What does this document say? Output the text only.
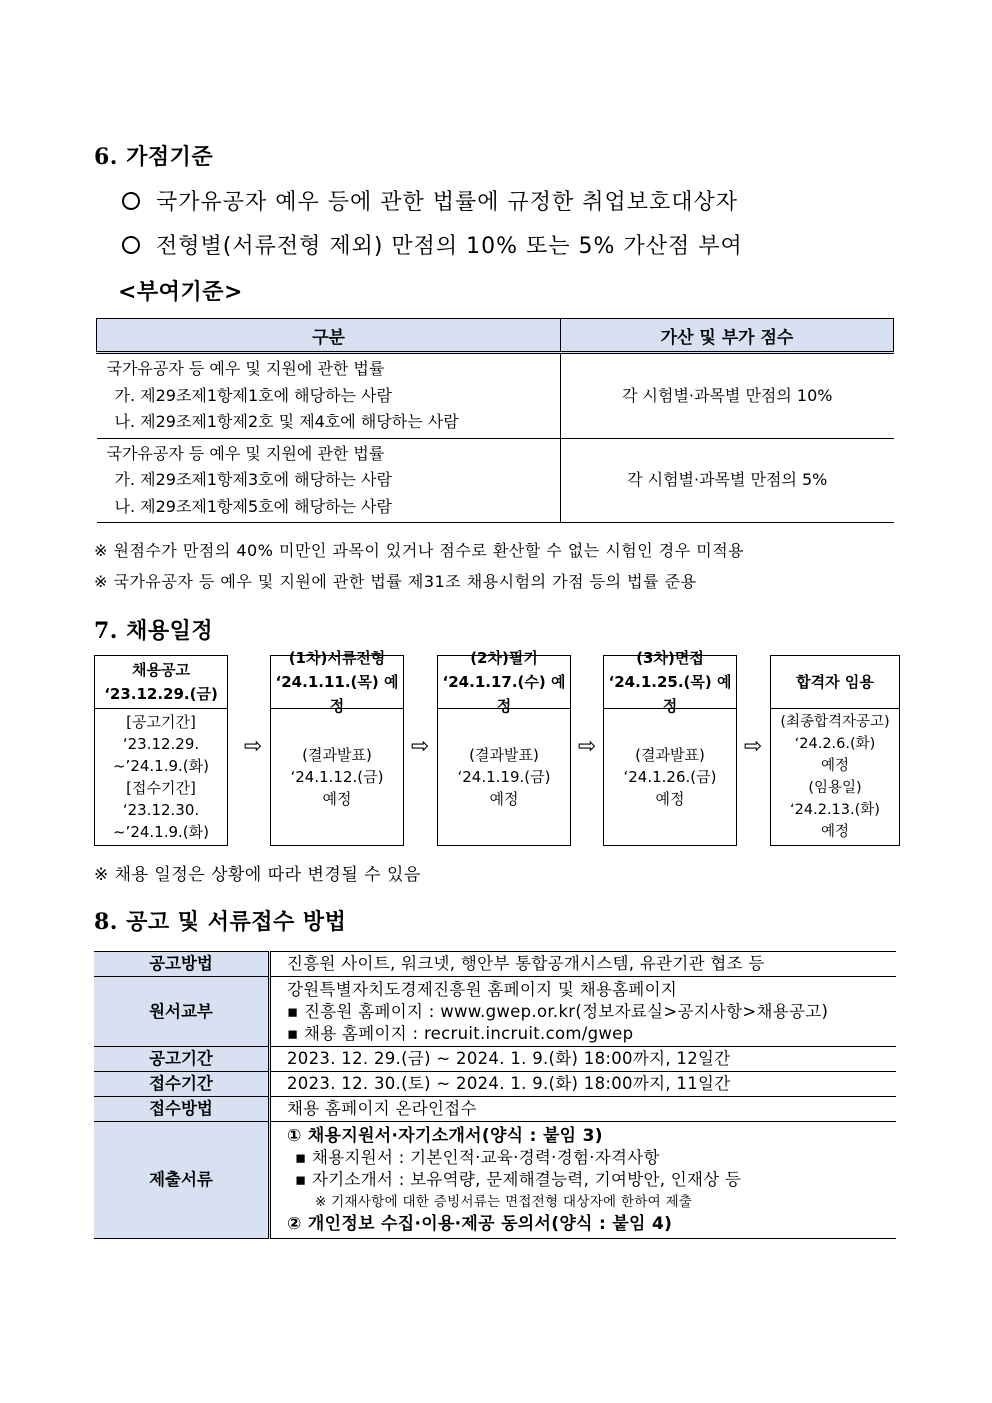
6. 가점기준
국가유공자 예우 등에 관한 법률에 규정한 취업보호대상자
전형별(서류전형 제외) 만점의 10% 또는 5% 가산점 부여
<부여기준>
구분	가산 및 부가 점수

국가유공자 등 예우 및 지원에 관한 법률
가. 제29조제1항제1호에 해당하는 사람
나. 제29조제1항제2호 및 제4호에 해당하는 사람	각 시험별·과목별 만점의 10%

국가유공자 등 예우 및 지원에 관한 법률
가. 제29조제1항제3호에 해당하는 사람
나. 제29조제1항제5호에 해당하는 사람	각 시험별·과목별 만점의 5%
※ 원점수가 만점의 40% 미만인 과목이 있거나 점수로 환산할 수 없는 시험인 경우 미적용
※ 국가유공자 등 예우 및 지원에 관한 법률 제31조 채용시험의 가점 등의 법률 준용
7. 채용일정
채용공고
‘23.12.29.(금)
[공고기간]
‘23.12.29.
~’24.1.9.(화)
[접수기간]
‘23.12.30.
~’24.1.9.(화)
⇨
(1차)서류전형
‘24.1.11.(목) 예정
(결과발표)
‘24.1.12.(금)
예정
⇨
(2차)필기
‘24.1.17.(수) 예정
(결과발표)
‘24.1.19.(금)
예정
⇨
(3차)면접
‘24.1.25.(목) 예정
(결과발표)
‘24.1.26.(금)
예정
⇨
합격자 임용
(최종합격자공고)
‘24.2.6.(화)
예정
(임용일)
‘24.2.13.(화)
예정
※ 채용 일정은 상황에 따라 변경될 수 있음
8. 공고 및 서류접수 방법
공고방법	진흥원 사이트, 워크넷, 행안부 통합공개시스템, 유관기관 협조 등
원서교부	강원특별자치도경제진흥원 홈페이지 및 채용홈페이지
▪ 진흥원 홈페이지 : www.gwep.or.kr(정보자료실>공지사항>채용공고)
▪ 채용 홈페이지 : recruit.incruit.com/gwep

공고기간	2023. 12. 29.(금) ~ 2024. 1. 9.(화) 18:00까지, 12일간
접수기간	2023. 12. 30.(토) ~ 2024. 1. 9.(화) 18:00까지, 11일간
접수방법	채용 홈페이지 온라인접수
제출서류	① 채용지원서·자기소개서(양식 : 붙임 3)
▪ 채용지원서 : 기본인적·교육·경력·경험·자격사항
▪ 자기소개서 : 보유역량, 문제해결능력, 기여방안, 인재상 등
※ 기재사항에 대한 증빙서류는 면접전형 대상자에 한하여 제출
② 개인정보 수집·이용·제공 동의서(양식 : 붙임 4)
